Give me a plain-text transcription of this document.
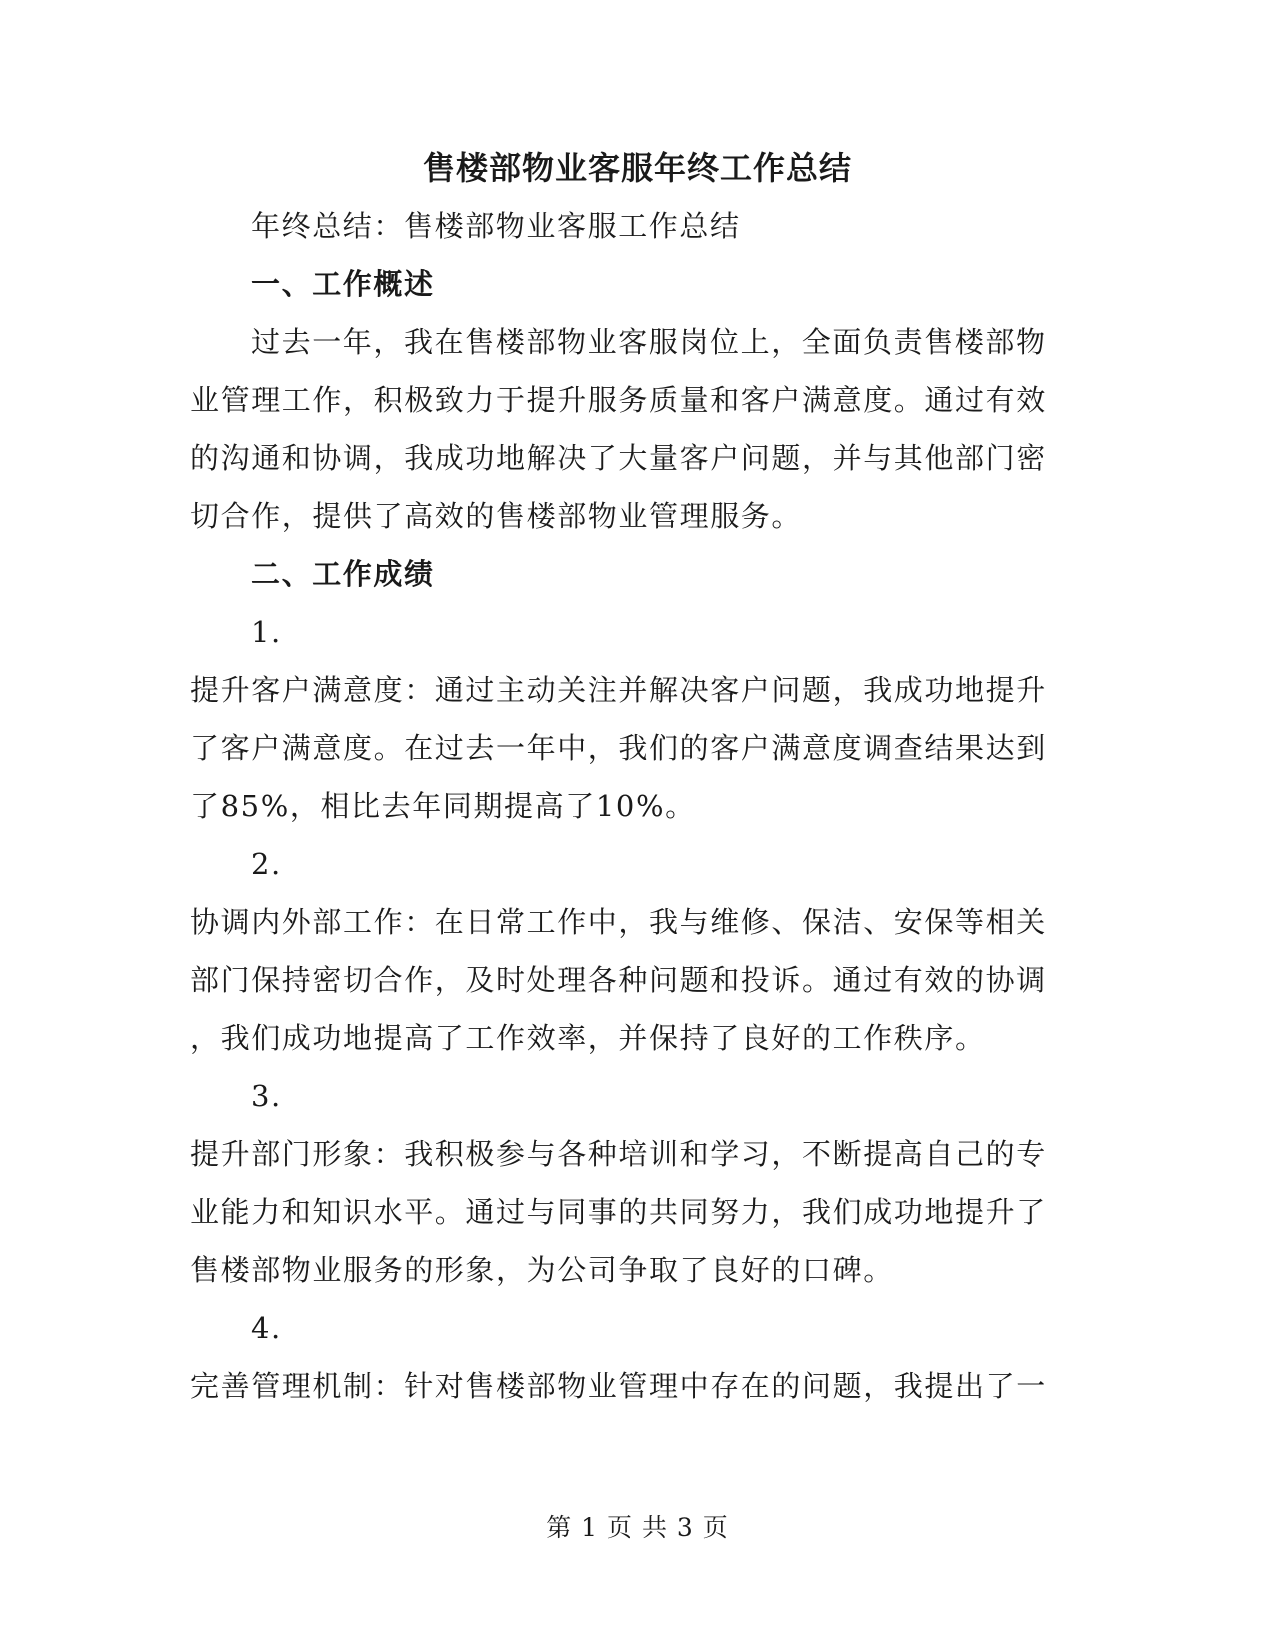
售楼部物业客服年终工作总结
年终总结：售楼部物业客服工作总结
一、工作概述
过去一年，我在售楼部物业客服岗位上，全面负责售楼部物
业管理工作，积极致力于提升服务质量和客户满意度。通过有效
的沟通和协调，我成功地解决了大量客户问题，并与其他部门密
切合作，提供了高效的售楼部物业管理服务。
二、工作成绩
1.
提升客户满意度：通过主动关注并解决客户问题，我成功地提升
了客户满意度。在过去一年中，我们的客户满意度调查结果达到
了85%，相比去年同期提高了10%。
2.
协调内外部工作：在日常工作中，我与维修、保洁、安保等相关
部门保持密切合作，及时处理各种问题和投诉。通过有效的协调
，我们成功地提高了工作效率，并保持了良好的工作秩序。
3.
提升部门形象：我积极参与各种培训和学习，不断提高自己的专
业能力和知识水平。通过与同事的共同努力，我们成功地提升了
售楼部物业服务的形象，为公司争取了良好的口碑。
4.
完善管理机制：针对售楼部物业管理中存在的问题，我提出了一
第 1 页 共 3 页
